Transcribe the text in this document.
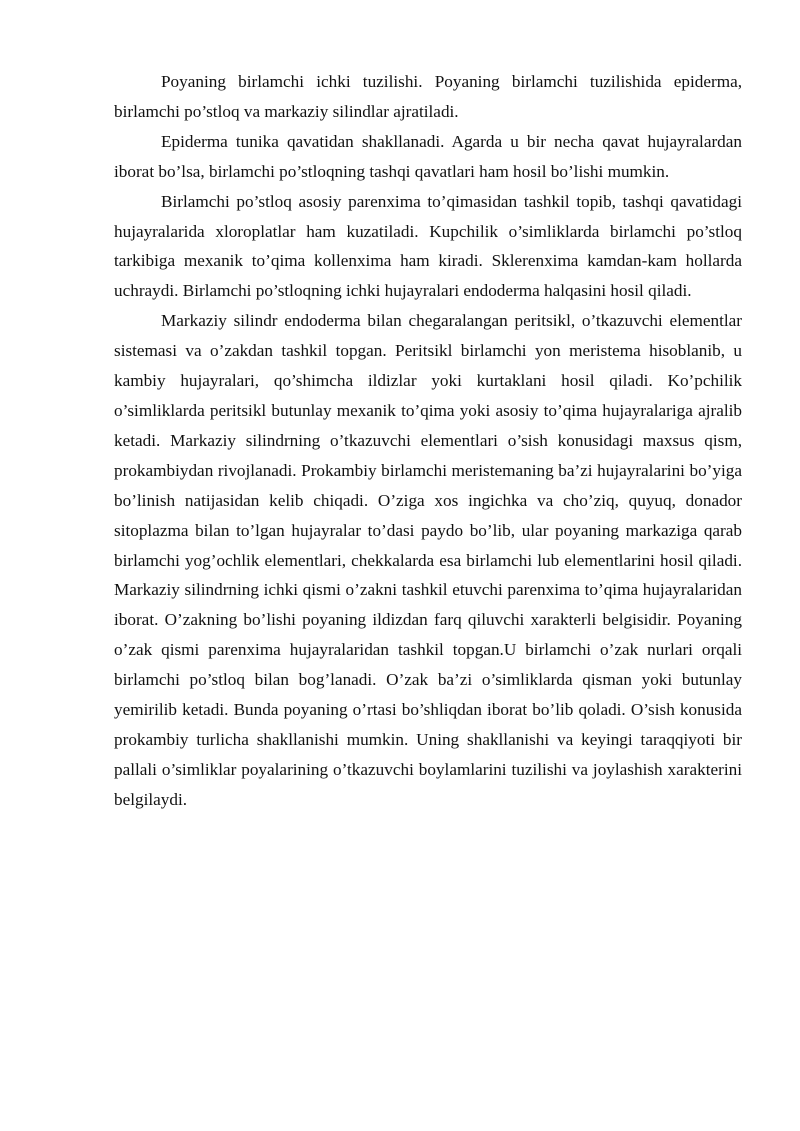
Poyaning birlamchi ichki tuzilishi. Poyaning birlamchi tuzilishida epiderma, birlamchi po’stloq va markaziy silindlar ajratiladi.

Epiderma tunika qavatidan shakllanadi. Agarda u bir necha qavat hujayralardan iborat bo’lsa, birlamchi po’stloqning tashqi qavatlari ham hosil bo’lishi mumkin.

Birlamchi po’stloq asosiy parenxima to’qimasidan tashkil topib, tashqi qavatidagi hujayralarida xloroplatlar ham kuzatiladi. Kupchilik o’simliklarda birlamchi po’stloq tarkibiga mexanik to’qima kollenxima ham kiradi. Sklerenxima kamdan-kam hollarda uchraydi. Birlamchi po’stloqning ichki hujayralari endoderma halqasini hosil qiladi.

Markaziy silindr endoderma bilan chegaralangan peritsikl, o’tkazuvchi elementlar sistemasi va o’zakdan tashkil topgan. Peritsikl birlamchi yon meristema hisoblanib, u kambiy hujayralari, qo’shimcha ildizlar yoki kurtaklani hosil qiladi. Ko’pchilik o’simliklarda peritsikl butunlay mexanik to’qima yoki asosiy to’qima hujayralariga ajralib ketadi. Markaziy silindrning o’tkazuvchi elementlari o’sish konusidagi maxsus qism, prokambiydan rivojlanadi. Prokambiy birlamchi meristemaning ba’zi hujayralarini bo’yiga bo’linish natijasidan kelib chiqadi. O’ziga xos ingichka va cho’ziq, quyuq, donador sitoplazma bilan to’lgan hujayralar to’dasi paydo bo’lib, ular poyaning markaziga qarab birlamchi yog’ochlik elementlari, chekkalarda esa birlamchi lub elementlarini hosil qiladi. Markaziy silindrning ichki qismi o’zakni tashkil etuvchi parenxima to’qima hujayralaridan iborat. O’zakning bo’lishi poyaning ildizdan farq qiluvchi xarakterli belgisidir. Poyaning o’zak qismi parenxima hujayralaridan tashkil topgan.U birlamchi o’zak nurlari orqali birlamchi po’stloq bilan bog’lanadi. O’zak ba’zi o’simliklarda qisman yoki butunlay yemirilib ketadi. Bunda poyaning o’rtasi bo’shliqdan iborat bo’lib qoladi. O’sish konusida prokambiy turlicha shakllanishi mumkin. Uning shakllanishi va keyingi taraqqiyoti bir pallali o’simliklar poyalarining o’tkazuvchi boylamlarini tuzilishi va joylashish xarakterini belgilaydi.
